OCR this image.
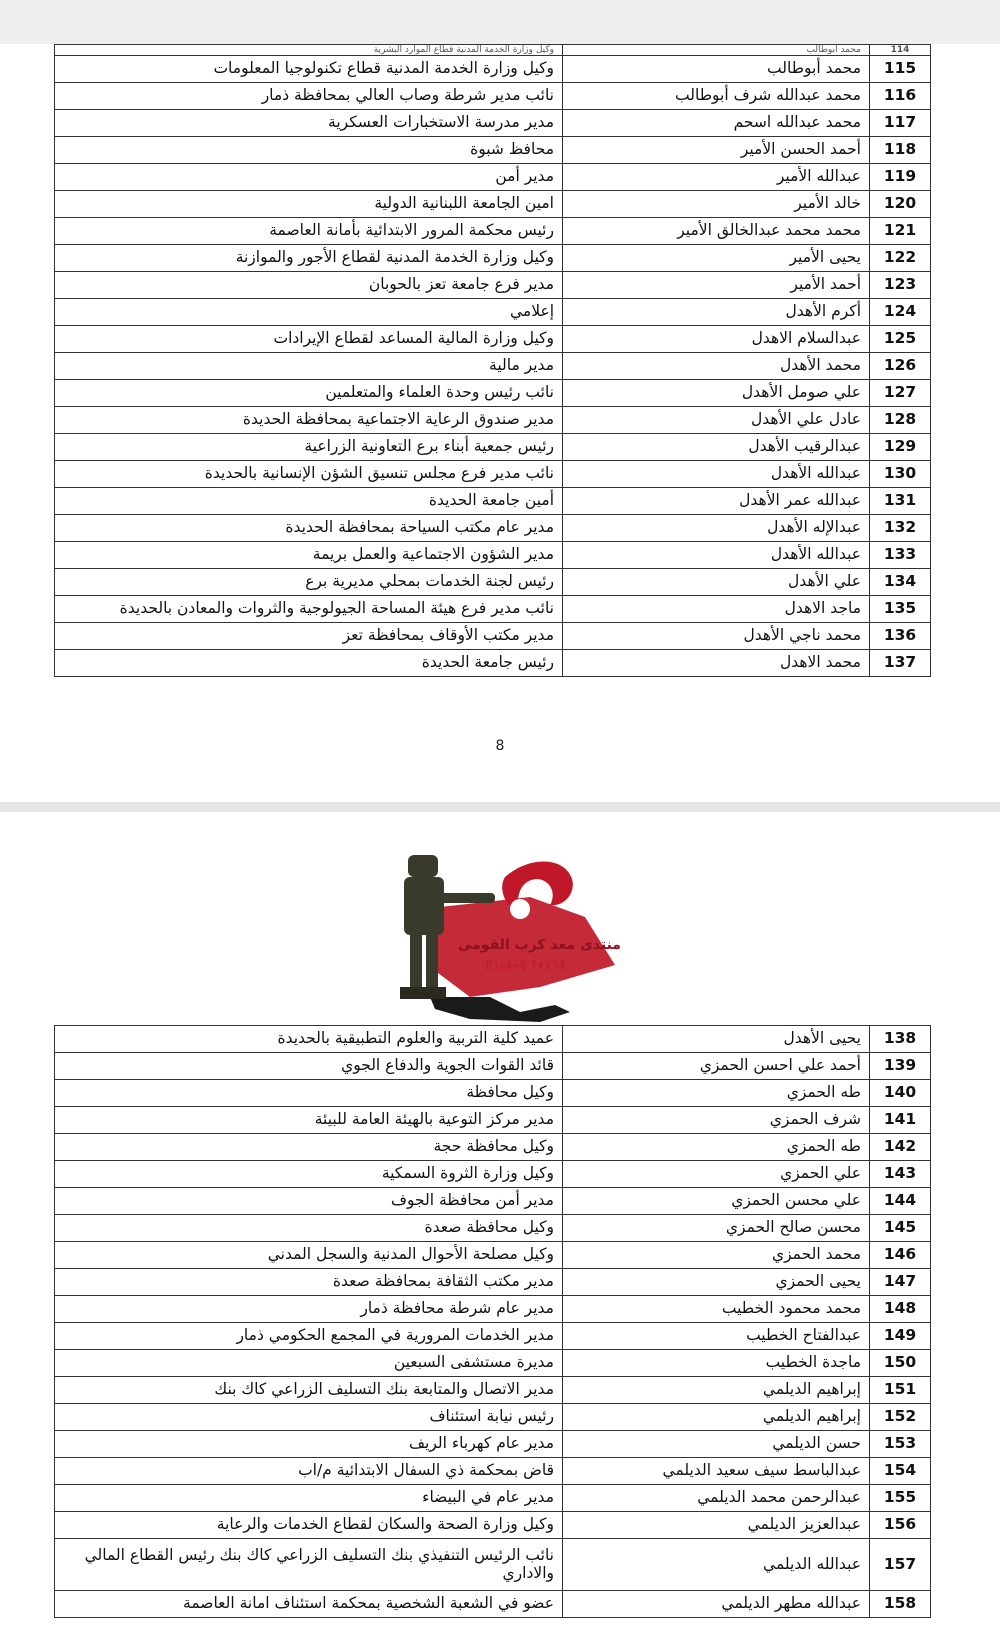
114	محمد أبوطالب	وكيل وزارة الخدمة المدنية قطاع الموارد البشرية
115	محمد أبوطالب	وكيل وزارة الخدمة المدنية قطاع تكنولوجيا المعلومات
116	محمد عبدالله شرف أبوطالب	نائب مدير شرطة وصاب العالي بمحافظة ذمار
117	محمد عبدالله اسحم	مدير مدرسة الاستخبارات العسكرية
118	أحمد الحسن الأمير	محافظ شبوة
119	عبدالله الأمير	مدير أمن
120	خالد الأمير	امين الجامعة اللبنانية الدولية
121	محمد محمد عبدالخالق الأمير	رئيس محكمة المرور الابتدائية بأمانة العاصمة
122	يحيى الأمير	وكيل وزارة الخدمة المدنية لقطاع الأجور والموازنة
123	أحمد الأمير	مدير فرع جامعة تعز بالحوبان
124	أكرم الأهدل	إعلامي
125	عبدالسلام الاهدل	وكيل وزارة المالية المساعد لقطاع الإيرادات
126	محمد الأهدل	مدير مالية
127	علي صومل الأهدل	نائب رئيس وحدة العلماء والمتعلمين
128	عادل علي الأهدل	مدير صندوق الرعاية الاجتماعية بمحافظة الحديدة
129	عبدالرقيب الأهدل	رئيس جمعية أبناء برع التعاونية الزراعية
130	عبدالله الأهدل	نائب مدير فرع مجلس تنسيق الشؤن الإنسانية بالحديدة
131	عبدالله عمر الأهدل	أمين جامعة الحديدة
132	عبدالإله الأهدل	مدير عام مكتب السياحة بمحافظة الحديدة
133	عبدالله الأهدل	مدير الشؤون الاجتماعية والعمل بريمة
134	علي الأهدل	رئيس لجنة الخدمات بمحلي مديرية برع
135	ماجد الاهدل	نائب مدير فرع هيئة المساحة الجيولوجية والثروات والمعادن بالحديدة
136	محمد ناجي الأهدل	مدير مكتب الأوقاف بمحافظة تعز
137	محمد الاهدل	رئيس جامعة الحديدة
8
منتدى معد كرب القومي
𐩣𐩬𐩩𐩵𐩺 𐩣𐩲𐩵𐩫𐩧𐩨
138	يحيى الأهدل	عميد كلية التربية والعلوم التطبيقية بالحديدة
139	أحمد علي احسن الحمزي	قائد القوات الجوية والدفاع الجوي
140	طه الحمزي	وكيل محافظة
141	شرف الحمزي	مدير مركز التوعية بالهيئة العامة للبيئة
142	طه الحمزي	وكيل محافظة حجة
143	علي الحمزي	وكيل وزارة الثروة السمكية
144	علي محسن الحمزي	مدير أمن محافظة الجوف
145	محسن صالح الحمزي	وكيل محافظة صعدة
146	محمد الحمزي	وكيل مصلحة الأحوال المدنية والسجل المدني
147	يحيى الحمزي	مدير مكتب الثقافة بمحافظة صعدة
148	محمد محمود الخطيب	مدير عام شرطة محافظة ذمار
149	عبدالفتاح الخطيب	مدير الخدمات المرورية في المجمع الحكومي ذمار
150	ماجدة الخطيب	مديرة مستشفى السبعين
151	إبراهيم الديلمي	مدير الاتصال والمتابعة بنك التسليف الزراعي كاك بنك
152	إبراهيم الديلمي	رئيس نيابة استئناف
153	حسن الديلمي	مدير عام كهرباء الريف
154	عبدالباسط سيف سعيد الديلمي	قاض بمحكمة ذي السفال الابتدائية م/اب
155	عبدالرحمن محمد الديلمي	مدير عام في البيضاء
156	عبدالعزيز الديلمي	وكيل وزارة الصحة والسكان لقطاع الخدمات والرعاية
157	عبدالله الديلمي	نائب الرئيس التنفيذي بنك التسليف الزراعي كاك بنك رئيس القطاع المالي والاداري
158	عبدالله مطهر الديلمي	عضو في الشعبة الشخصية بمحكمة استئناف امانة العاصمة
